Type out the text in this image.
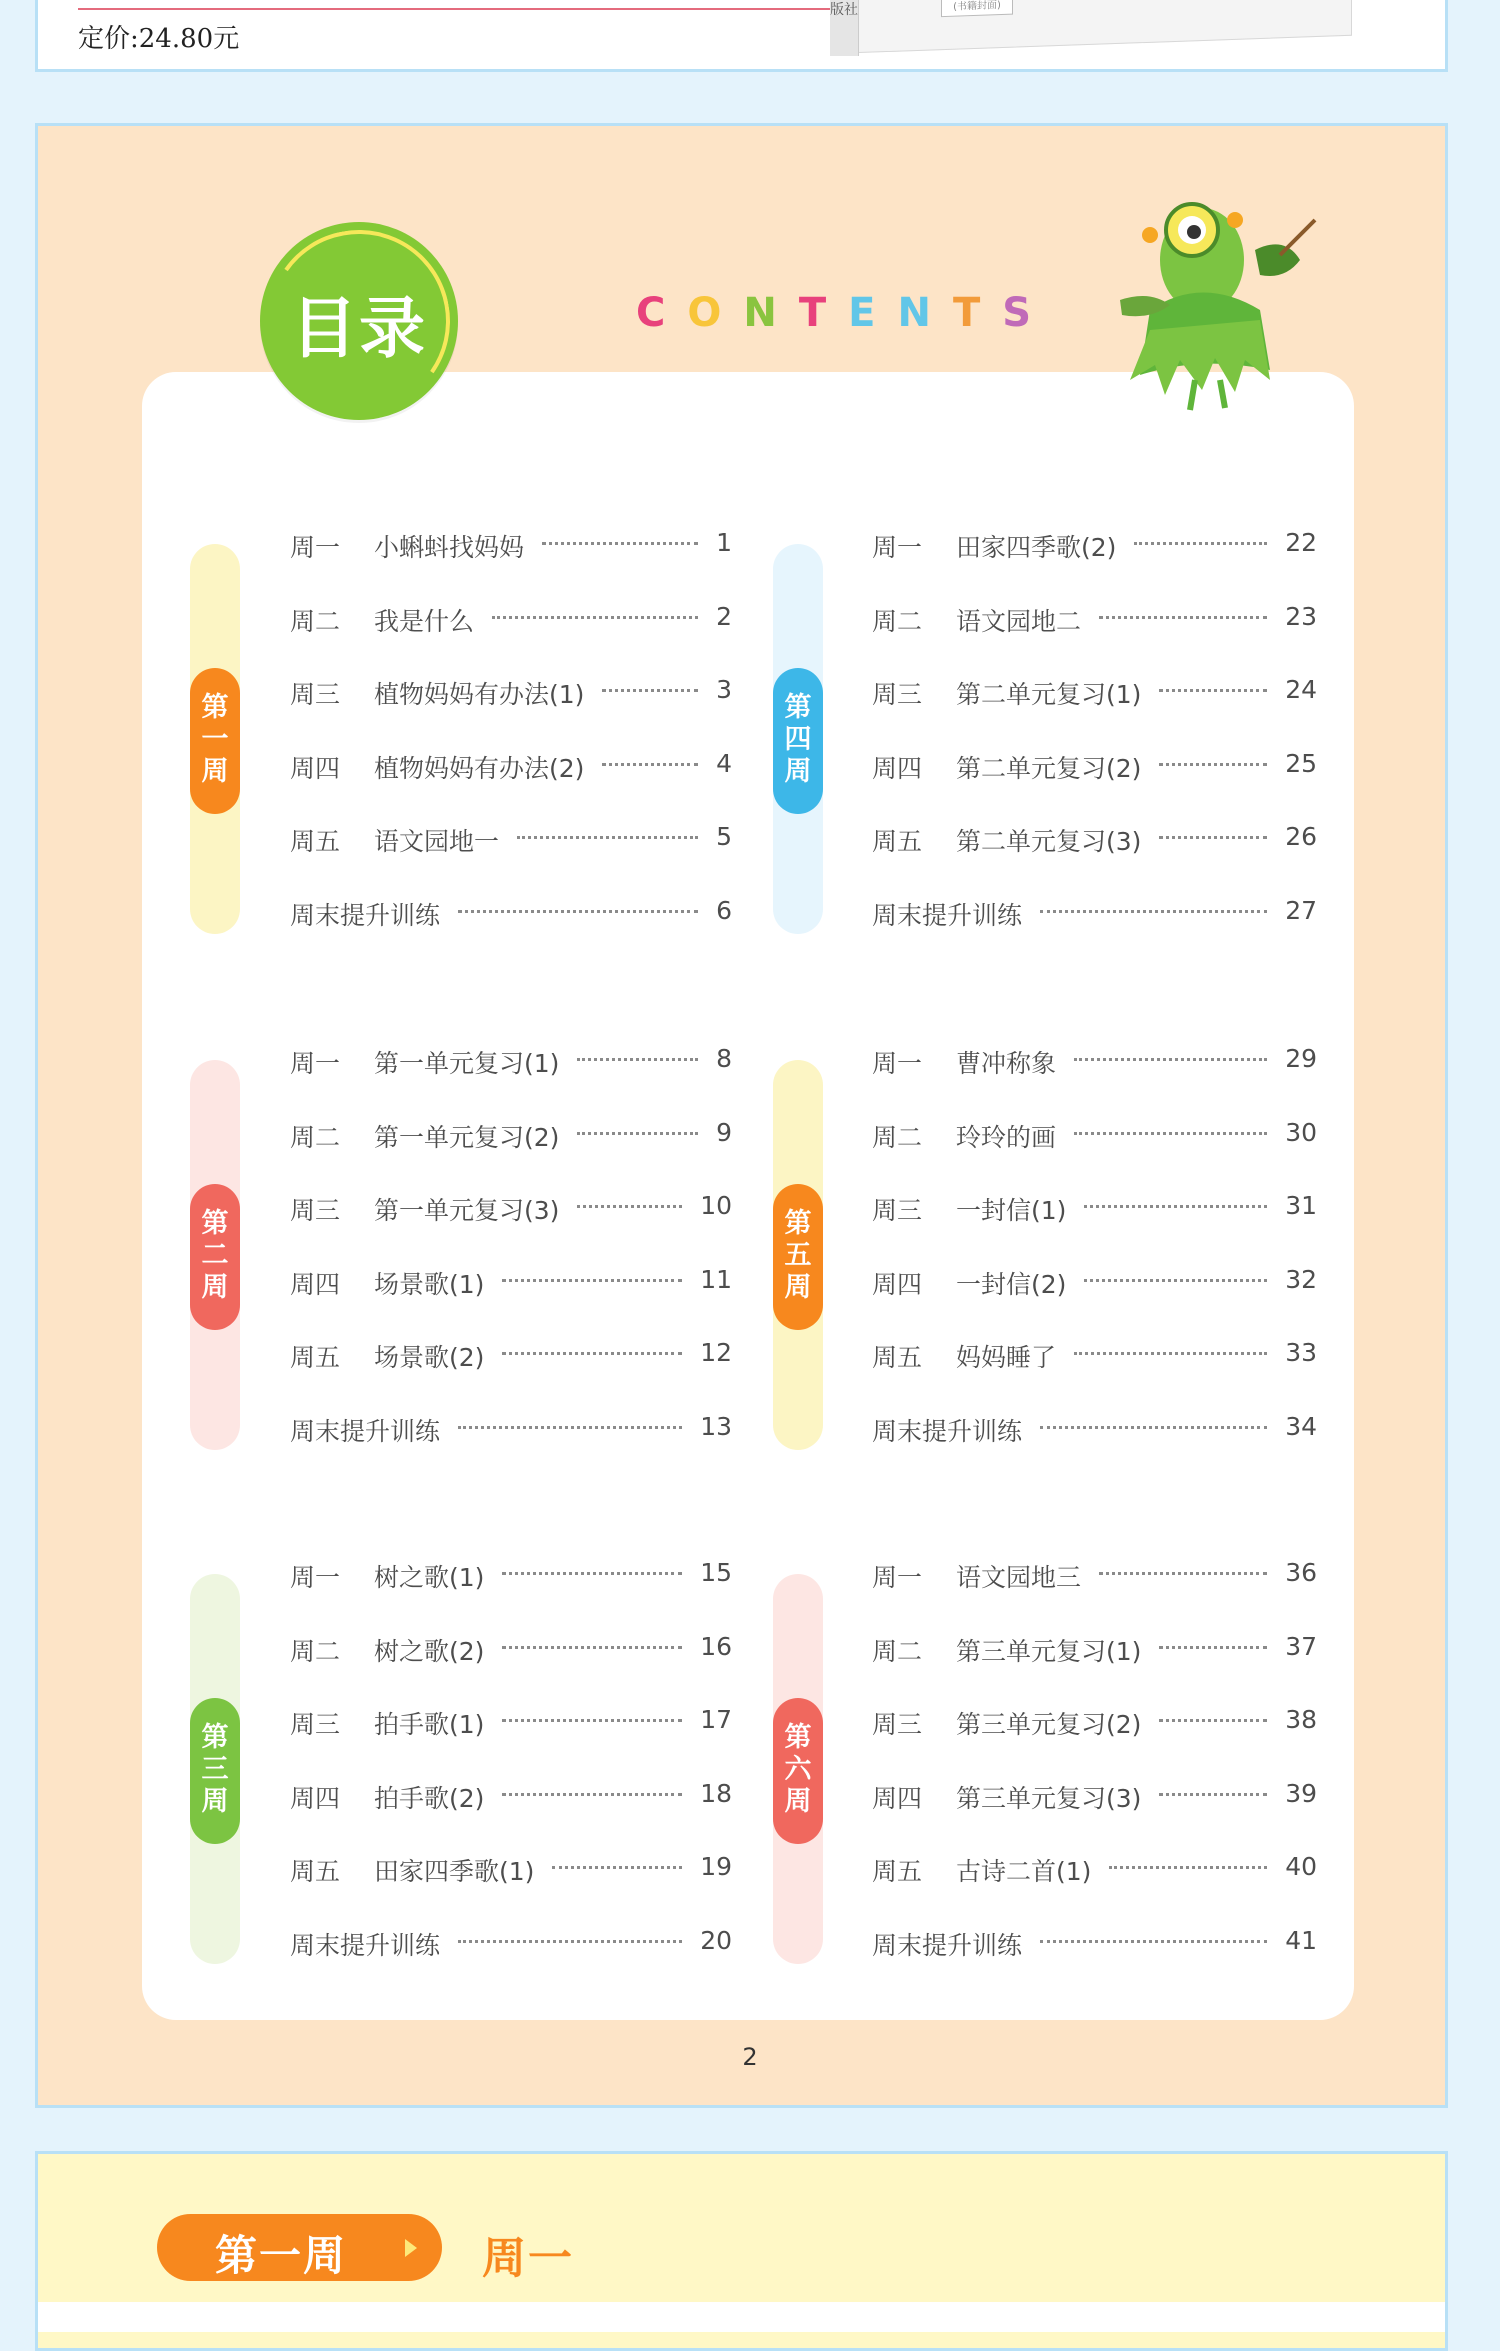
定价:24.80元
(书籍封面)
版社
目录	CONTENTS
第
一
周
周一 小蝌蚪找妈妈	1
周二 我是什么	2
周三 植物妈妈有办法(1)	3
周四 植物妈妈有办法(2)	4
周五 语文园地一	5
周末提升训练	6
第
四
周
周一 田家四季歌(2)	22
周二 语文园地二	23
周三 第二单元复习(1)	24
周四 第二单元复习(2)	25
周五 第二单元复习(3)	26
周末提升训练	27
第
二
周
周一 第一单元复习(1)	8
周二 第一单元复习(2)	9
周三 第一单元复习(3)	10
周四 场景歌(1)	11
周五 场景歌(2)	12
周末提升训练	13
第
五
周
周一 曹冲称象	29
周二 玲玲的画	30
周三 一封信(1)	31
周四 一封信(2)	32
周五 妈妈睡了	33
周末提升训练	34
第
三
周
周一 树之歌(1)	15
周二 树之歌(2)	16
周三 拍手歌(1)	17
周四 拍手歌(2)	18
周五 田家四季歌(1)	19
周末提升训练	20
第
六
周
周一 语文园地三	36
周二 第三单元复习(1)	37
周三 第三单元复习(2)	38
周四 第三单元复习(3)	39
周五 古诗二首(1)	40
周末提升训练	41
2
第一周	周一
